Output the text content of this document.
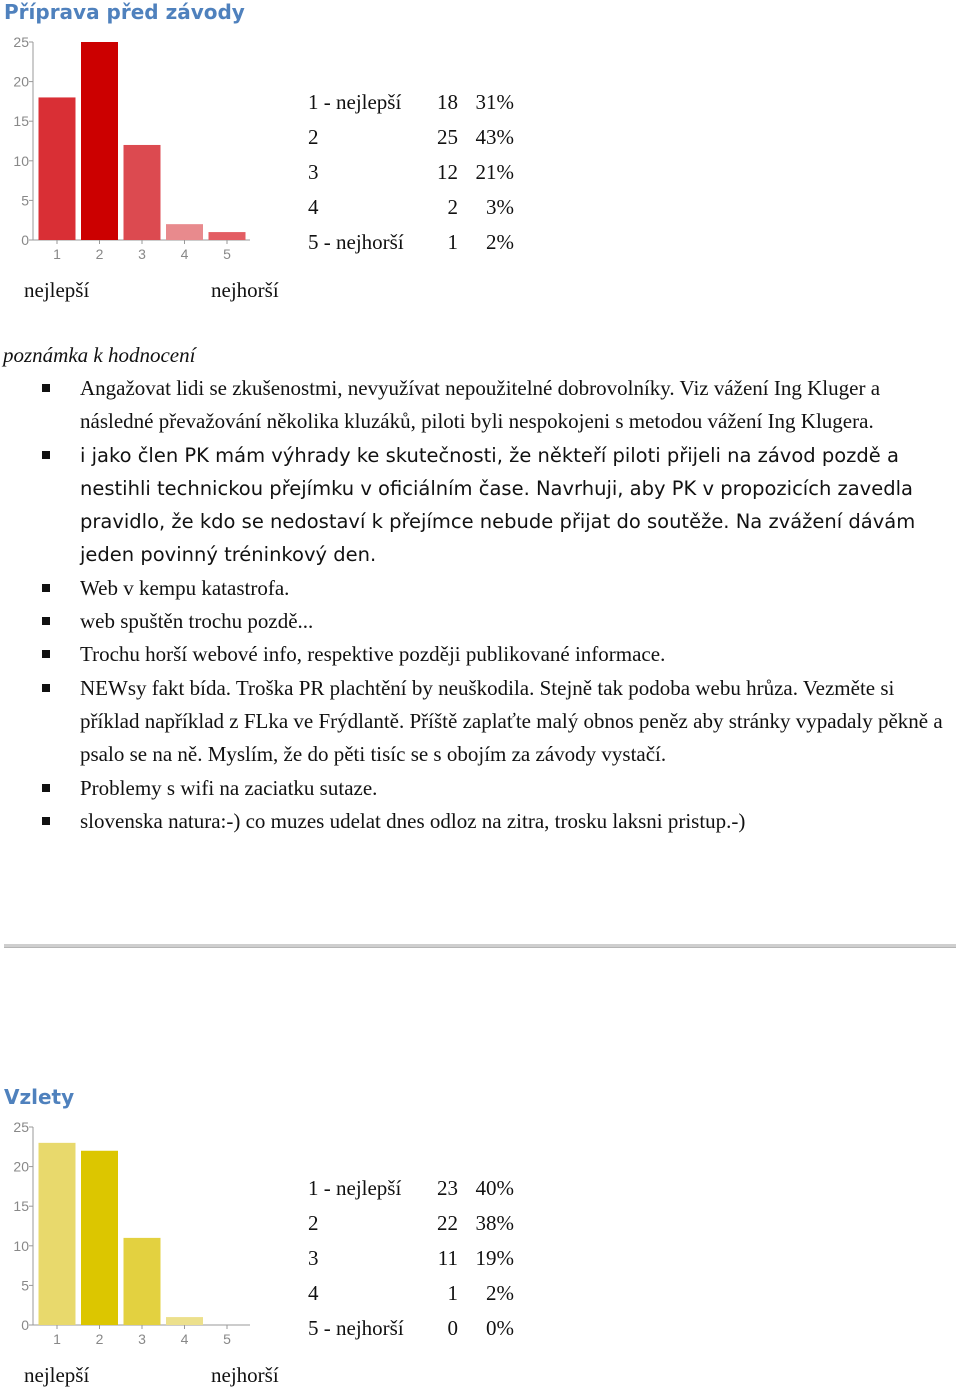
Příprava před závody
0
5
10
15
20
25
1 2 3 4 5
1 - nejlepší 18 31%
2	25 43%
3	12 21%
4	2 3%
5 - nejhorší 1 2%
nejlepší	nejhorší
poznámka k hodnocení
Angažovat lidi se zkušenostmi, nevyužívat nepoužitelné dobrovolníky. Viz vážení Ing Kluger a následné převažování několika kluzáků, piloti byli nespokojeni s metodou vážení Ing Klugera.
i jako člen PK mám výhrady ke skutečnosti, že někteří piloti přijeli na závod pozdě a nestihli technickou přejímku v oficiálním čase. Navrhuji, aby PK v propozicích zavedla pravidlo, že kdo se nedostaví k přejímce nebude přijat do soutěže. Na zvážení dávám jeden povinný tréninkový den.
Web v kempu katastrofa.
web spuštěn trochu pozdě...
Trochu horší webové info, respektive později publikované informace.
NEWsy fakt bída. Troška PR plachtění by neuškodila. Stejně tak podoba webu hrůza. Vezměte si příklad například z FLka ve Frýdlantě. Příště zaplaťte malý obnos peněz aby stránky vypadaly pěkně a psalo se na ně. Myslím, že do pěti tisíc se s obojím za závody vystačí.
Problemy s wifi na zaciatku sutaze.
slovenska natura:-) co muzes udelat dnes odloz na zitra, trosku laksni pristup.-)
Vzlety
0
5
10
15
20
25
1 2 3 4 5
1 - nejlepší 23 40%
2	22 38%
3	11 19%
4	1 2%
5 - nejhorší 0 0%
nejlepší	nejhorší
